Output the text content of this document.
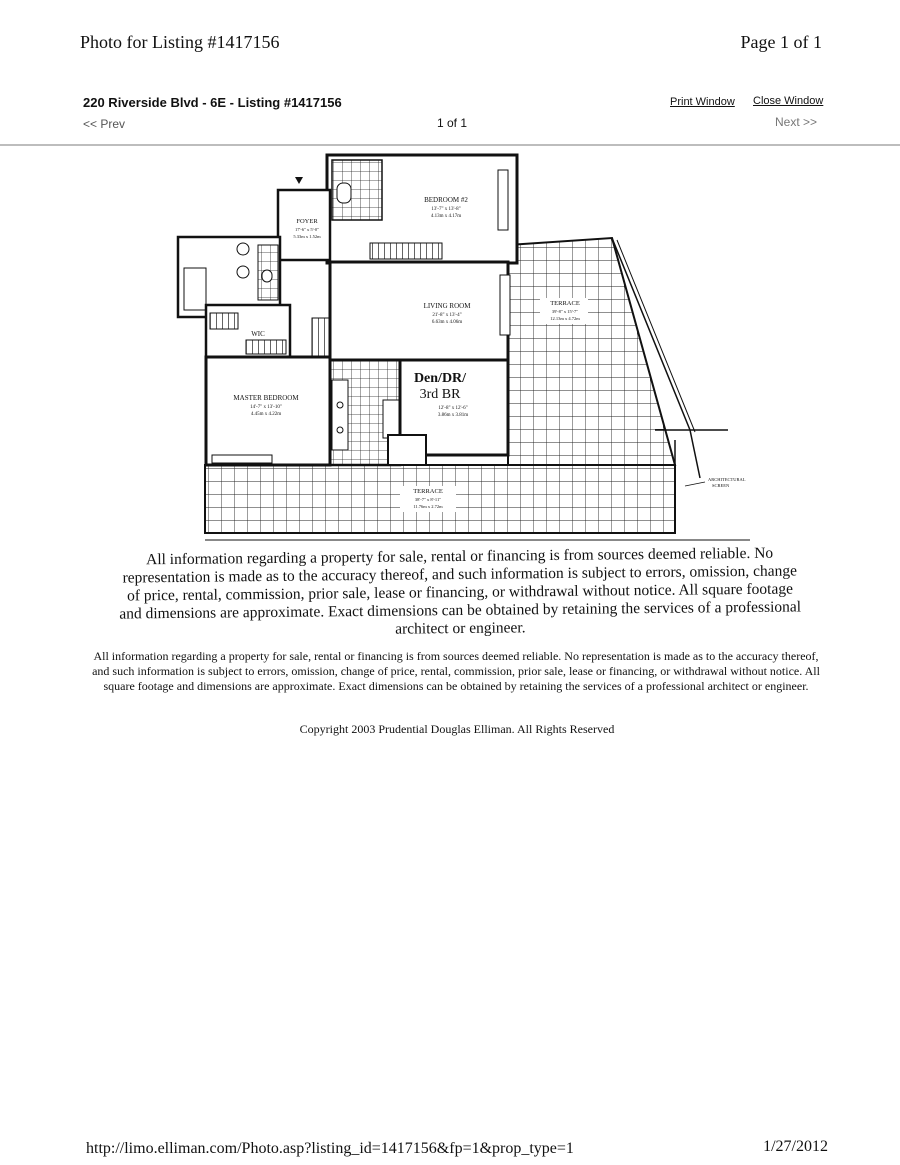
Photo for Listing #1417156	Page 1 of 1
220 Riverside Blvd - 6E - Listing #1417156
<< Prev	1 of 1
Print Window Close Window
Next >>
BEDROOM #2
13'-7" x 13'-8"
4.13m x 4.17m
FOYER
17'-6" x 5'-0"
5.33m x 1.52m
WIC
LIVING ROOM
21'-8" x 13'-4"
6.63m x 4.06m
Den/DR/
3rd BR
12'-8" x 12'-6"
3.86m x 3.81m
MASTER BEDROOM
14'-7" x 13'-10"
4.45m x 4.22m
TERRACE
39'-8" x 15'-7"
12.13m x 4.72m
TERRACE
38'-7" x 8'-11"
11.76m x 2.72m
ARCHITECTURAL
SCREEN
All information regarding a property for sale, rental or financing is from sources deemed reliable. No representation is made as to the accuracy thereof, and such information is subject to errors, omission, change of price, rental, commission, prior sale, lease or financing, or withdrawal without notice. All square footage and dimensions are approximate. Exact dimensions can be obtained by retaining the services of a professional architect or engineer.
All information regarding a property for sale, rental or financing is from sources deemed reliable. No representation is made as to the accuracy thereof, and such information is subject to errors, omission, change of price, rental, commission, prior sale, lease or financing, or withdrawal without notice. All square footage and dimensions are approximate. Exact dimensions can be obtained by retaining the services of a professional architect or engineer.
Copyright 2003 Prudential Douglas Elliman. All Rights Reserved
http://limo.elliman.com/Photo.asp?listing_id=1417156&fp=1&prop_type=1	1/27/2012
